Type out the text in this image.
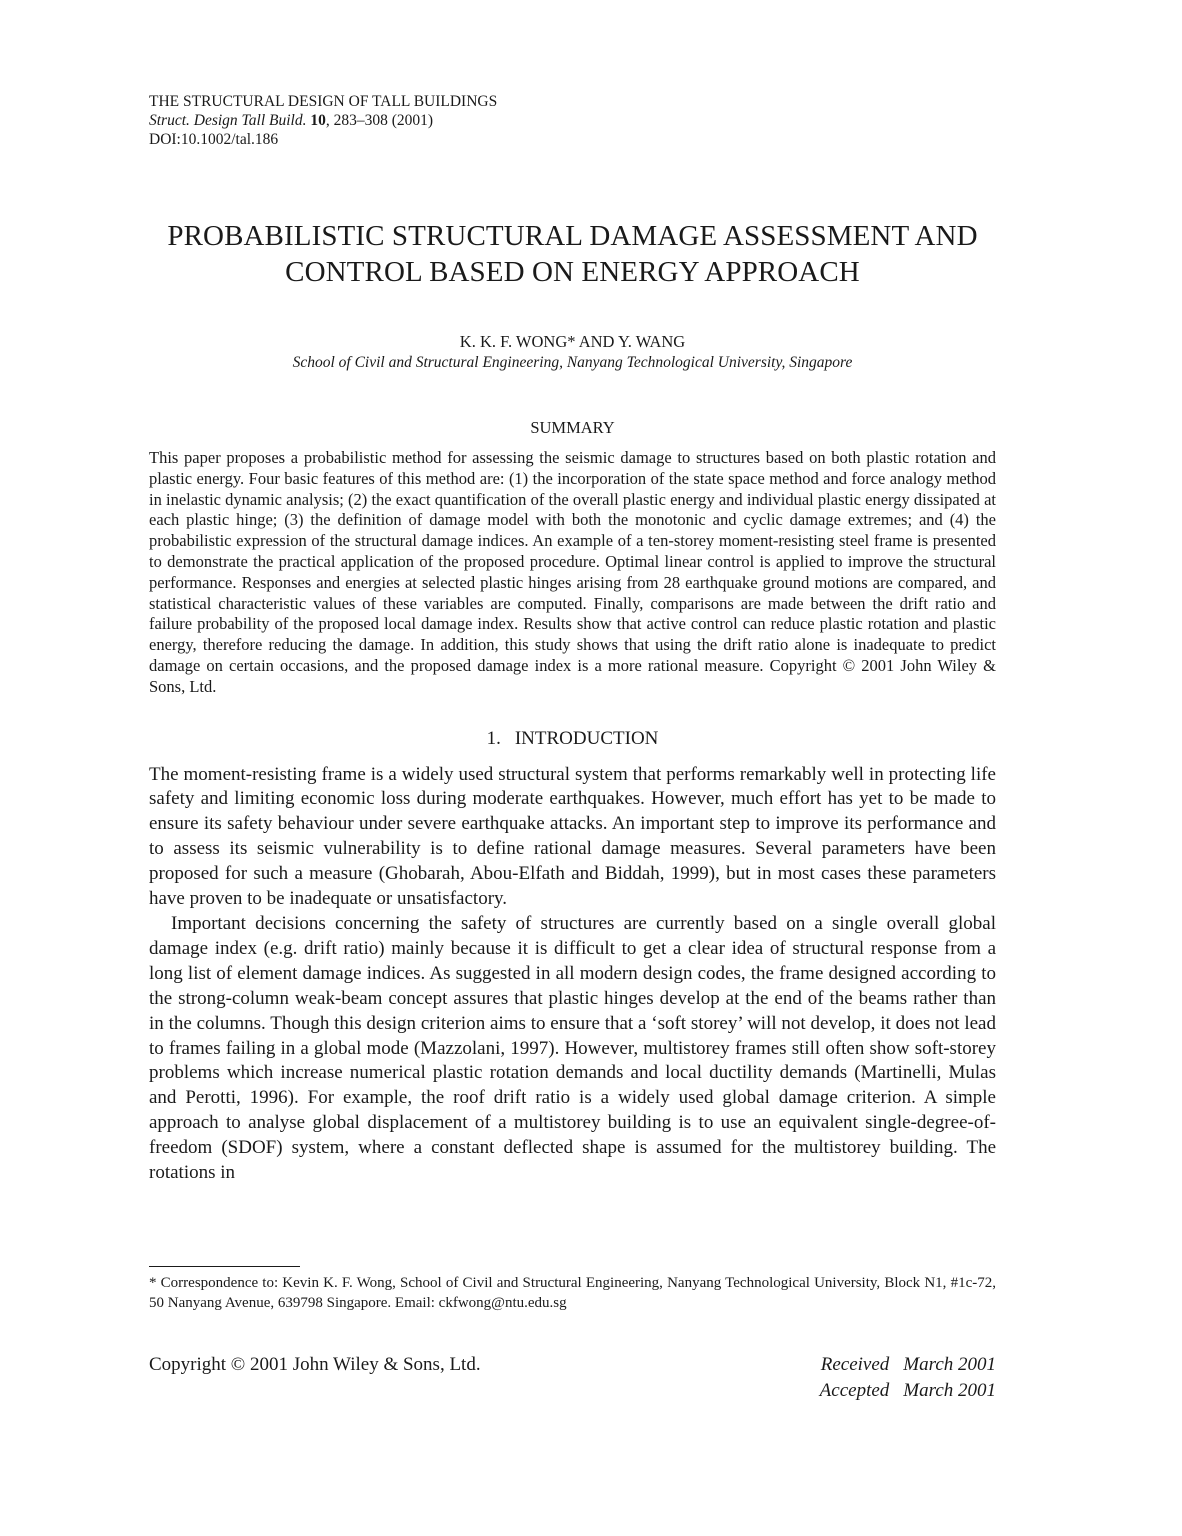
THE STRUCTURAL DESIGN OF TALL BUILDINGS
Struct. Design Tall Build. 10, 283–308 (2001)
DOI:10.1002/tal.186
PROBABILISTIC STRUCTURAL DAMAGE ASSESSMENT AND
CONTROL BASED ON ENERGY APPROACH
K. K. F. WONG* AND Y. WANG
School of Civil and Structural Engineering, Nanyang Technological University, Singapore
SUMMARY
This paper proposes a probabilistic method for assessing the seismic damage to structures based on both plastic rotation and plastic energy. Four basic features of this method are: (1) the incorporation of the state space method and force analogy method in inelastic dynamic analysis; (2) the exact quantification of the overall plastic energy and individual plastic energy dissipated at each plastic hinge; (3) the definition of damage model with both the monotonic and cyclic damage extremes; and (4) the probabilistic expression of the structural damage indices. An example of a ten-storey moment-resisting steel frame is presented to demonstrate the practical application of the proposed procedure. Optimal linear control is applied to improve the structural performance. Responses and energies at selected plastic hinges arising from 28 earthquake ground motions are compared, and statistical characteristic values of these variables are computed. Finally, comparisons are made between the drift ratio and failure probability of the proposed local damage index. Results show that active control can reduce plastic rotation and plastic energy, therefore reducing the damage. In addition, this study shows that using the drift ratio alone is inadequate to predict damage on certain occasions, and the proposed damage index is a more rational measure. Copyright © 2001 John Wiley & Sons, Ltd.
1. INTRODUCTION

The moment-resisting frame is a widely used structural system that performs remarkably well in protecting life safety and limiting economic loss during moderate earthquakes. However, much effort has yet to be made to ensure its safety behaviour under severe earthquake attacks. An important step to improve its performance and to assess its seismic vulnerability is to define rational damage measures. Several parameters have been proposed for such a measure (Ghobarah, Abou-Elfath and Biddah, 1999), but in most cases these parameters have proven to be inadequate or unsatisfactory.

Important decisions concerning the safety of structures are currently based on a single overall global damage index (e.g. drift ratio) mainly because it is difficult to get a clear idea of structural response from a long list of element damage indices. As suggested in all modern design codes, the frame designed according to the strong-column weak-beam concept assures that plastic hinges develop at the end of the beams rather than in the columns. Though this design criterion aims to ensure that a ‘soft storey’ will not develop, it does not lead to frames failing in a global mode (Mazzolani, 1997). However, multistorey frames still often show soft-storey problems which increase numerical plastic rotation demands and local ductility demands (Martinelli, Mulas and Perotti, 1996). For example, the roof drift ratio is a widely used global damage criterion. A simple approach to analyse global displacement of a multistorey building is to use an equivalent single-degree-of-freedom (SDOF) system, where a constant deflected shape is assumed for the multistorey building. The rotations in

* Correspondence to: Kevin K. F. Wong, School of Civil and Structural Engineering, Nanyang Technological University, Block N1, #1c-72, 50 Nanyang Avenue, 639798 Singapore. Email: ckfwong@ntu.edu.sg
Copyright © 2001 John Wiley & Sons, Ltd.	Received March 2001
Accepted March 2001
